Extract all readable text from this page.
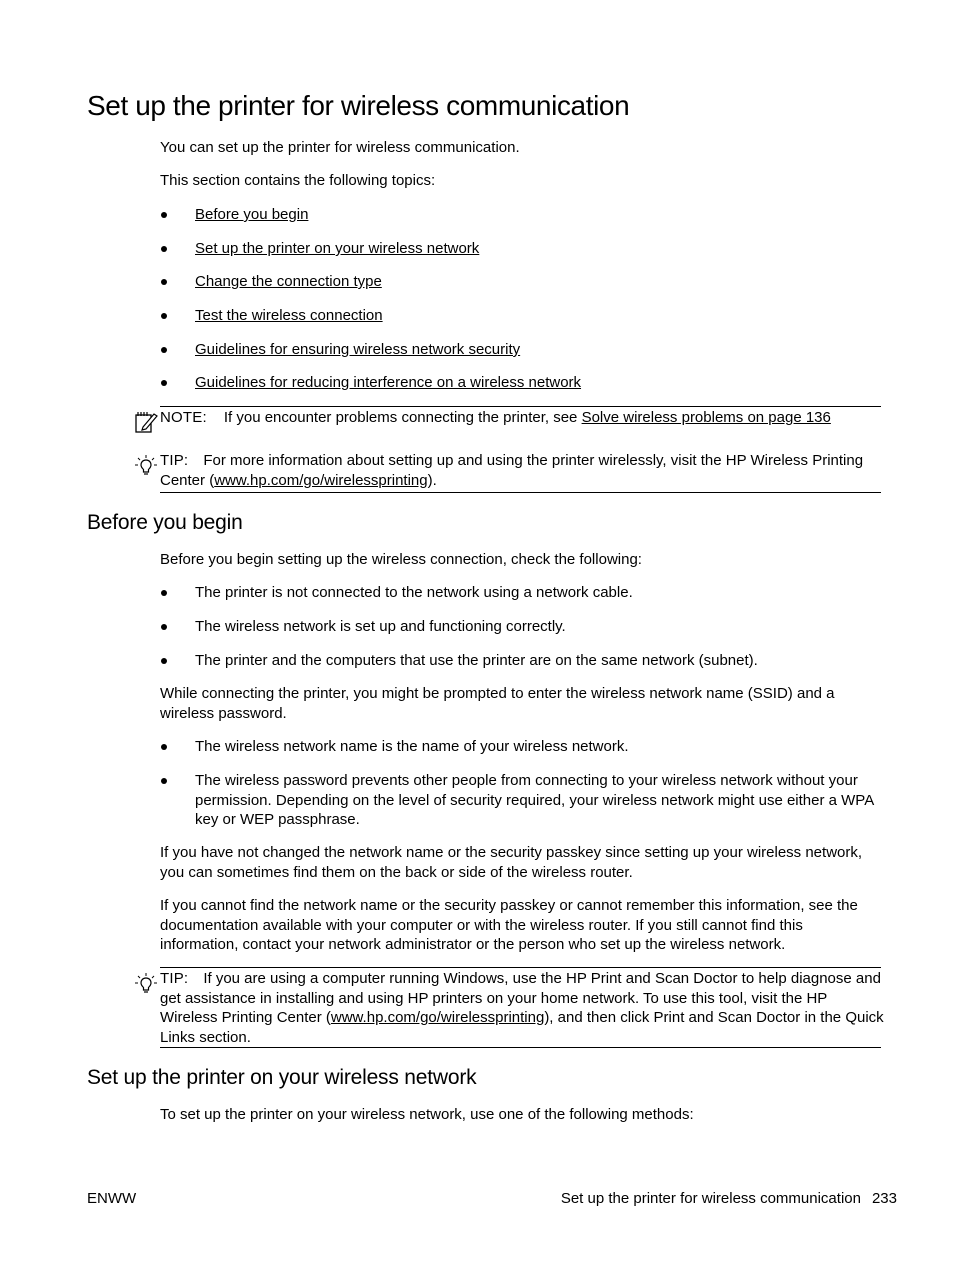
Set up the printer for wireless communication
You can set up the printer for wireless communication.
This section contains the following topics:
Before you begin
Set up the printer on your wireless network
Change the connection type
Test the wireless connection
Guidelines for ensuring wireless network security
Guidelines for reducing interference on a wireless network
NOTE: If you encounter problems connecting the printer, see Solve wireless problems on page 136
TIP: For more information about setting up and using the printer wirelessly, visit the HP Wireless Printing Center (www.hp.com/go/wirelessprinting).
Before you begin
Before you begin setting up the wireless connection, check the following:
The printer is not connected to the network using a network cable.
The wireless network is set up and functioning correctly.
The printer and the computers that use the printer are on the same network (subnet).
While connecting the printer, you might be prompted to enter the wireless network name (SSID) and a wireless password.
The wireless network name is the name of your wireless network.
The wireless password prevents other people from connecting to your wireless network without your permission. Depending on the level of security required, your wireless network might use either a WPA key or WEP passphrase.
If you have not changed the network name or the security passkey since setting up your wireless network, you can sometimes find them on the back or side of the wireless router.
If you cannot find the network name or the security passkey or cannot remember this information, see the documentation available with your computer or with the wireless router. If you still cannot find this information, contact your network administrator or the person who set up the wireless network.
TIP: If you are using a computer running Windows, use the HP Print and Scan Doctor to help diagnose and get assistance in installing and using HP printers on your home network. To use this tool, visit the HP Wireless Printing Center (www.hp.com/go/wirelessprinting), and then click Print and Scan Doctor in the Quick Links section.
Set up the printer on your wireless network
To set up the printer on your wireless network, use one of the following methods:
ENWW	Set up the printer for wireless communication 233
